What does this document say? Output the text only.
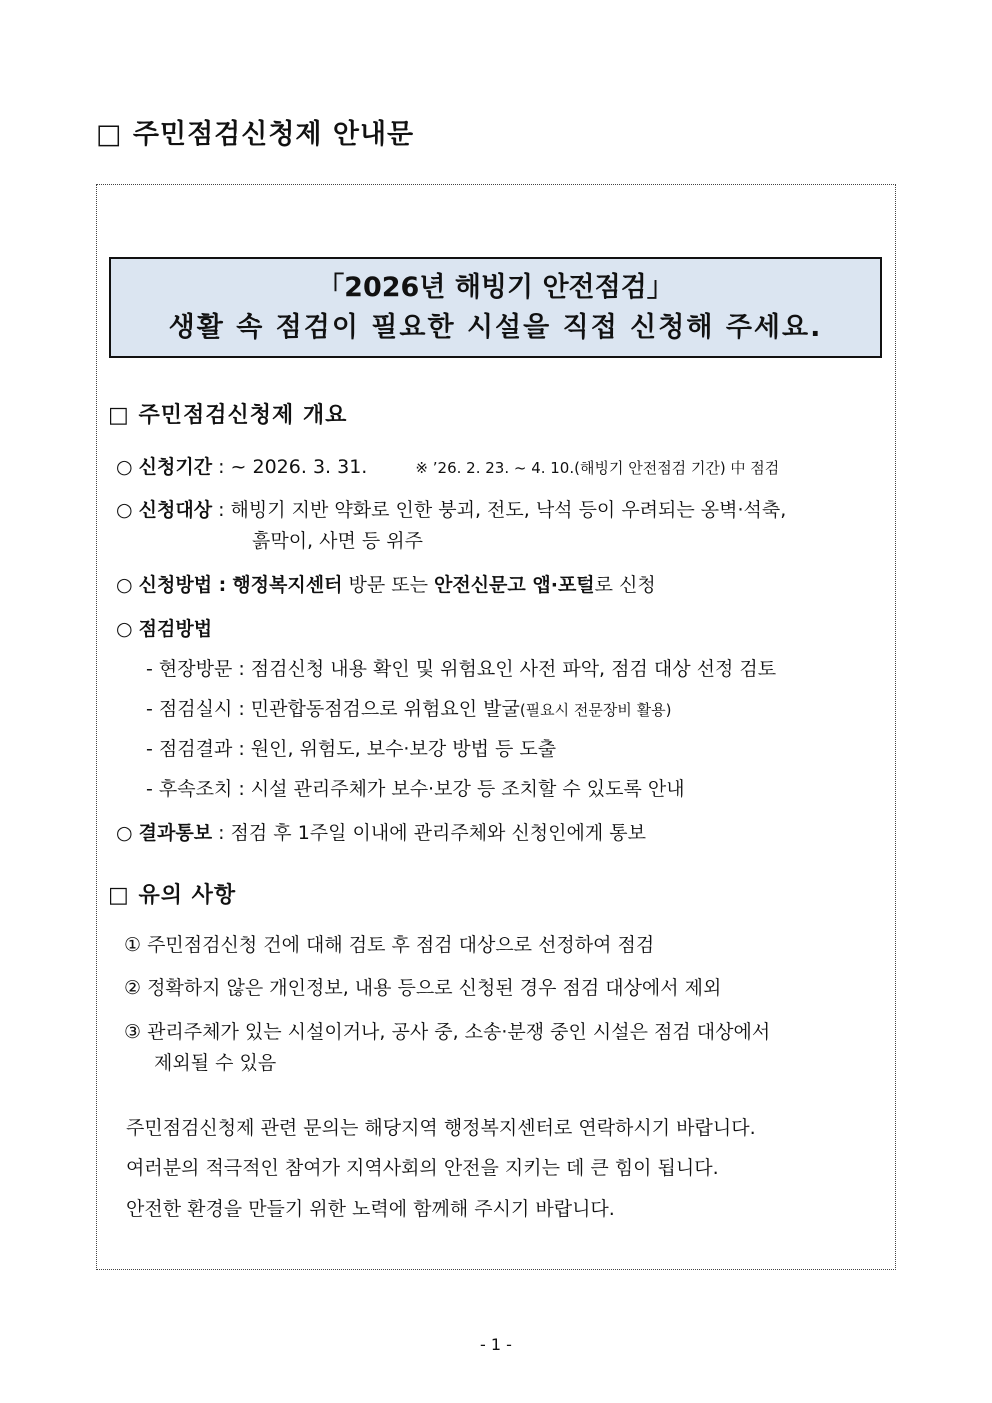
□ 주민점검신청제 안내문
「2026년 해빙기 안전점검」
생활 속 점검이 필요한 시설을 직접 신청해 주세요.
□ 주민점검신청제 개요
○ 신청기간 : ~ 2026. 3. 31.	※ ’26. 2. 23. ~ 4. 10.(해빙기 안전점검 기간) 中 점검
○ 신청대상 : 해빙기 지반 약화로 인한 붕괴, 전도, 낙석 등이 우려되는 옹벽·석축,
흙막이, 사면 등 위주
○ 신청방법 : 행정복지센터 방문 또는 안전신문고 앱·포털로 신청
○ 점검방법
- 현장방문 : 점검신청 내용 확인 및 위험요인 사전 파악, 점검 대상 선정 검토
- 점검실시 : 민관합동점검으로 위험요인 발굴(필요시 전문장비 활용)
- 점검결과 : 원인, 위험도, 보수·보강 방법 등 도출
- 후속조치 : 시설 관리주체가 보수·보강 등 조치할 수 있도록 안내
○ 결과통보 : 점검 후 1주일 이내에 관리주체와 신청인에게 통보
□ 유의 사항
① 주민점검신청 건에 대해 검토 후 점검 대상으로 선정하여 점검
② 정확하지 않은 개인정보, 내용 등으로 신청된 경우 점검 대상에서 제외
③ 관리주체가 있는 시설이거나, 공사 중, 소송·분쟁 중인 시설은 점검 대상에서
제외될 수 있음
주민점검신청제 관련 문의는 해당지역 행정복지센터로 연락하시기 바랍니다.
여러분의 적극적인 참여가 지역사회의 안전을 지키는 데 큰 힘이 됩니다.
안전한 환경을 만들기 위한 노력에 함께해 주시기 바랍니다.
- 1 -
